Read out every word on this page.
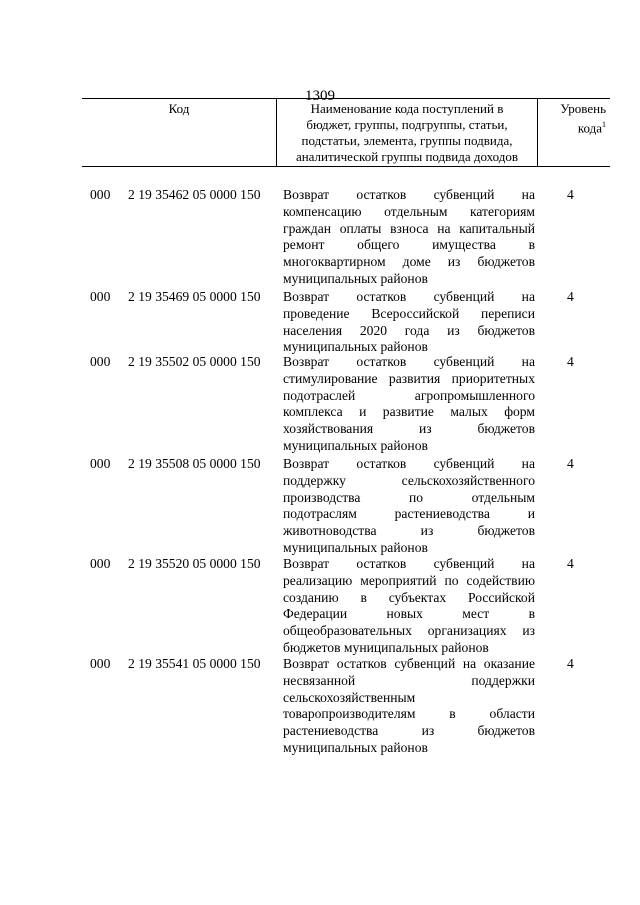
1309
Код	Наименование кода поступлений в
бюджет, группы, подгруппы, статьи,
подстатьи, элемента, группы подвида,
аналитической группы подвида доходов
Уровень
кода$^1$
000 2 19 35462 05 0000 150 Возврат остатков субвенций на
компенсацию отдельным категориям
граждан оплаты взноса на капитальный
ремонт общего имущества в
многоквартирном доме из бюджетов
муниципальных районов
4
000 2 19 35469 05 0000 150 Возврат остатков субвенций на
проведение Всероссийской переписи
населения 2020 года из бюджетов
муниципальных районов
4
000 2 19 35502 05 0000 150 Возврат остатков субвенций на
стимулирование развития приоритетных
подотраслей агропромышленного
комплекса и развитие малых форм
хозяйствования из бюджетов
муниципальных районов
4
000 2 19 35508 05 0000 150 Возврат остатков субвенций на
поддержку сельскохозяйственного
производства по отдельным
подотраслям растениеводства и
животноводства из бюджетов
муниципальных районов
4
000 2 19 35520 05 0000 150 Возврат остатков субвенций на
реализацию мероприятий по содействию
созданию в субъектах Российской
Федерации новых мест в
общеобразовательных организациях из
бюджетов муниципальных районов
4
000 2 19 35541 05 0000 150 Возврат остатков субвенций на оказание
несвязанной поддержки
сельскохозяйственным
товаропроизводителям в области
растениеводства из бюджетов
муниципальных районов
4
